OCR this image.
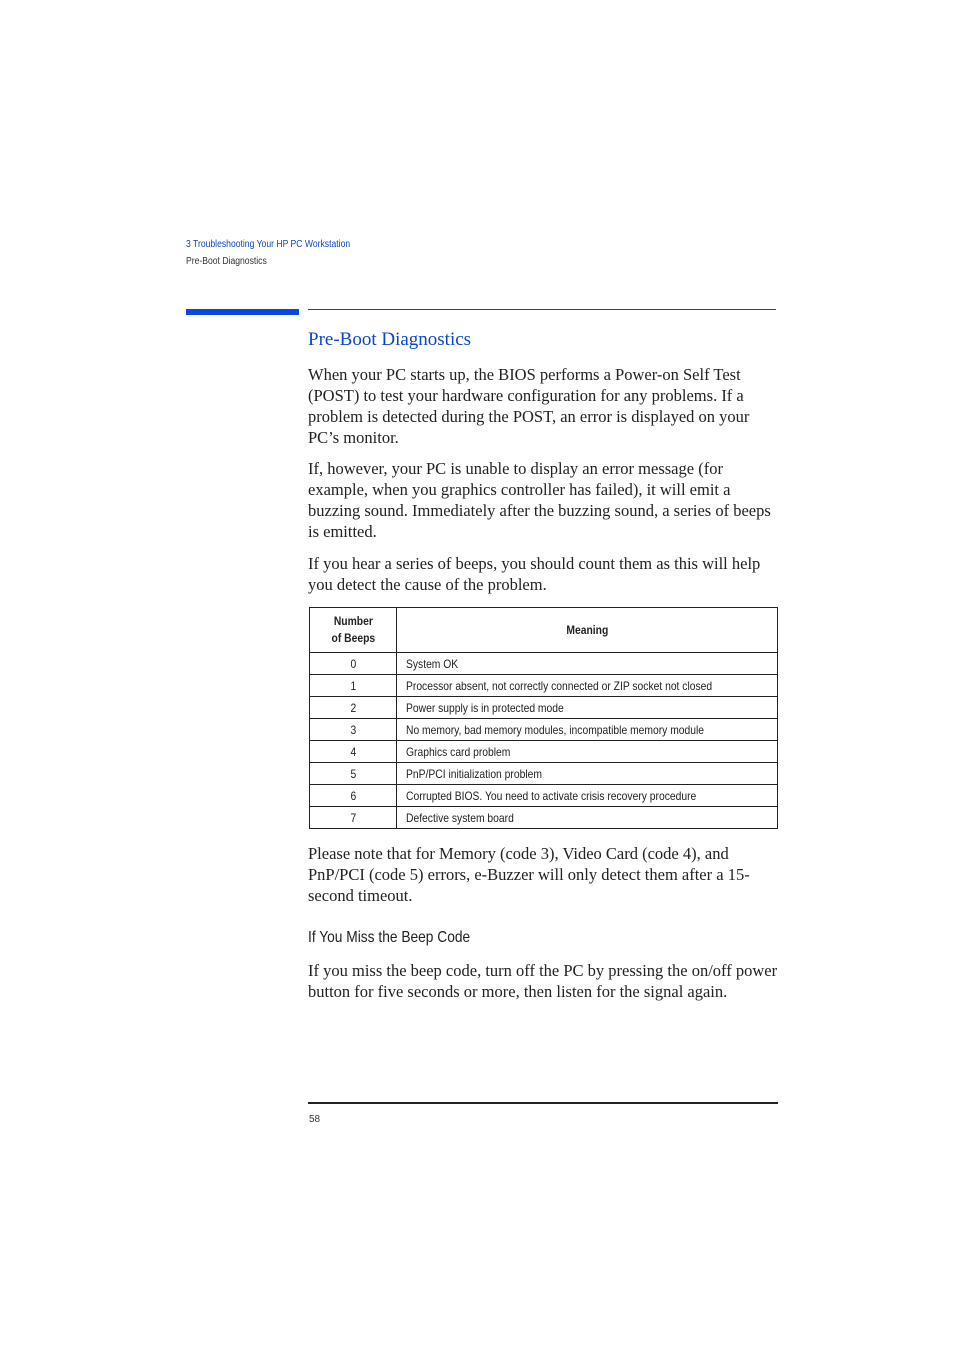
3 Troubleshooting Your HP PC Workstation
Pre-Boot Diagnostics
Pre-Boot Diagnostics

When your PC starts up, the BIOS performs a Power-on Self Test (POST) to test your hardware configuration for any problems. If a problem is detected during the POST, an error is displayed on your PC’s monitor.

If, however, your PC is unable to display an error message (for example, when you graphics controller has failed), it will emit a buzzing sound. Immediately after the buzzing sound, a series of beeps is emitted.

If you hear a series of beeps, you should count them as this will help you detect the cause of the problem.

Number
of Beeps	Meaning
0	System OK
1	Processor absent, not correctly connected or ZIP socket not closed
2	Power supply is in protected mode
3	No memory, bad memory modules, incompatible memory module
4	Graphics card problem
5	PnP/PCI initialization problem
6	Corrupted BIOS. You need to activate crisis recovery procedure
7	Defective system board

Please note that for Memory (code 3), Video Card (code 4), and PnP/PCI (code 5) errors, e-Buzzer will only detect them after a 15-second timeout.

If You Miss the Beep Code

If you miss the beep code, turn off the PC by pressing the on/off power button for five seconds or more, then listen for the signal again.

58
